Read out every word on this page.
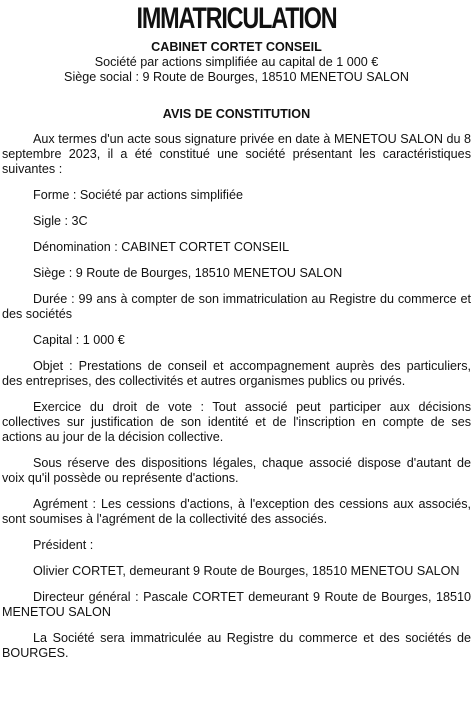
IMMATRICULATION
CABINET CORTET CONSEIL
Société par actions simplifiée au capital de 1 000 €
Siège social : 9 Route de Bourges, 18510 MENETOU SALON
AVIS DE CONSTITUTION

Aux termes d'un acte sous signature privée en date à MENETOU SALON du 8 septembre 2023, il a été constitué une société présentant les caractéristiques suivantes :

Forme : Société par actions simplifiée

Sigle : 3C

Dénomination : CABINET CORTET CONSEIL

Siège : 9 Route de Bourges, 18510 MENETOU SALON

Durée : 99 ans à compter de son immatriculation au Registre du commerce et des sociétés

Capital : 1 000 €

Objet : Prestations de conseil et accompagnement auprès des particuliers, des entreprises, des collectivités et autres organismes publics ou privés.

Exercice du droit de vote : Tout associé peut participer aux décisions collectives sur justification de son identité et de l'inscription en compte de ses actions au jour de la décision collective.

Sous réserve des dispositions légales, chaque associé dispose d'autant de voix qu'il possède ou représente d'actions.

Agrément : Les cessions d'actions, à l'exception des cessions aux associés, sont soumises à l'agrément de la collectivité des associés.

Président :

Olivier CORTET, demeurant 9 Route de Bourges, 18510 MENETOU SALON

Directeur général : Pascale CORTET demeurant 9 Route de Bourges, 18510 MENETOU SALON

La Société sera immatriculée au Registre du commerce et des sociétés de BOURGES.
